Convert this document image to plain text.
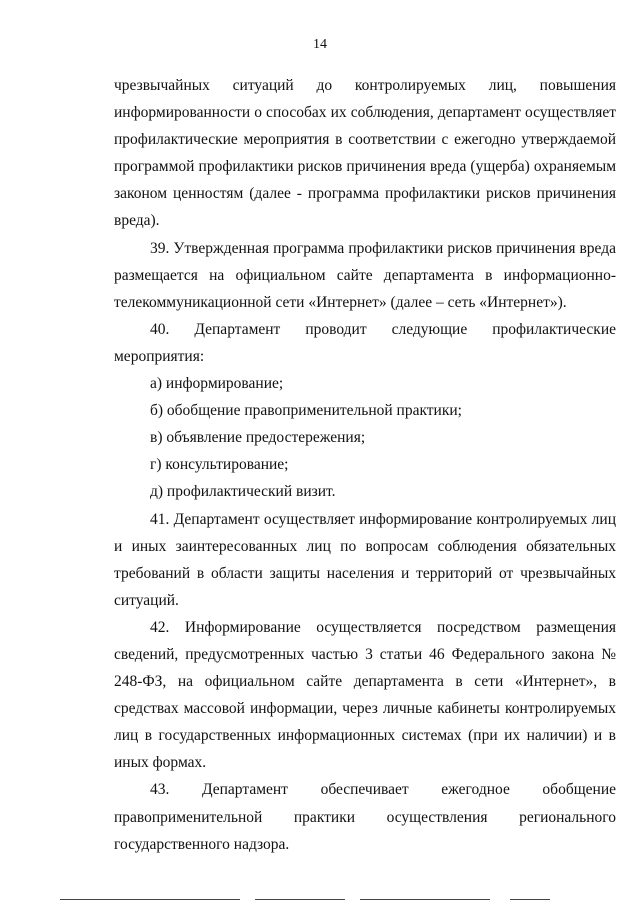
14

чрезвычайных ситуаций до контролируемых лиц, повышения информированности о способах их соблюдения, департамент осуществляет профилактические мероприятия в соответствии с ежегодно утверждаемой программой профилактики рисков причинения вреда (ущерба) охраняемым законом ценностям (далее - программа профилактики рисков причинения вреда).

39. Утвержденная программа профилактики рисков причинения вреда размещается на официальном сайте департамента в информационно-телекоммуникационной сети «Интернет» (далее – сеть «Интернет»).

40. Департамент проводит следующие профилактические мероприятия:

а) информирование;

б) обобщение правоприменительной практики;

в) объявление предостережения;

г) консультирование;

д) профилактический визит.

41. Департамент осуществляет информирование контролируемых лиц и иных заинтересованных лиц по вопросам соблюдения обязательных требований в области защиты населения и территорий от чрезвычайных ситуаций.

42. Информирование осуществляется посредством размещения сведений, предусмотренных частью 3 статьи 46 Федерального закона № 248-ФЗ, на официальном сайте департамента в сети «Интернет», в средствах массовой информации, через личные кабинеты контролируемых лиц в государственных информационных системах (при их наличии) и в иных формах.

43. Департамент обеспечивает ежегодное обобщение правоприменительной практики осуществления регионального государственного надзора.
